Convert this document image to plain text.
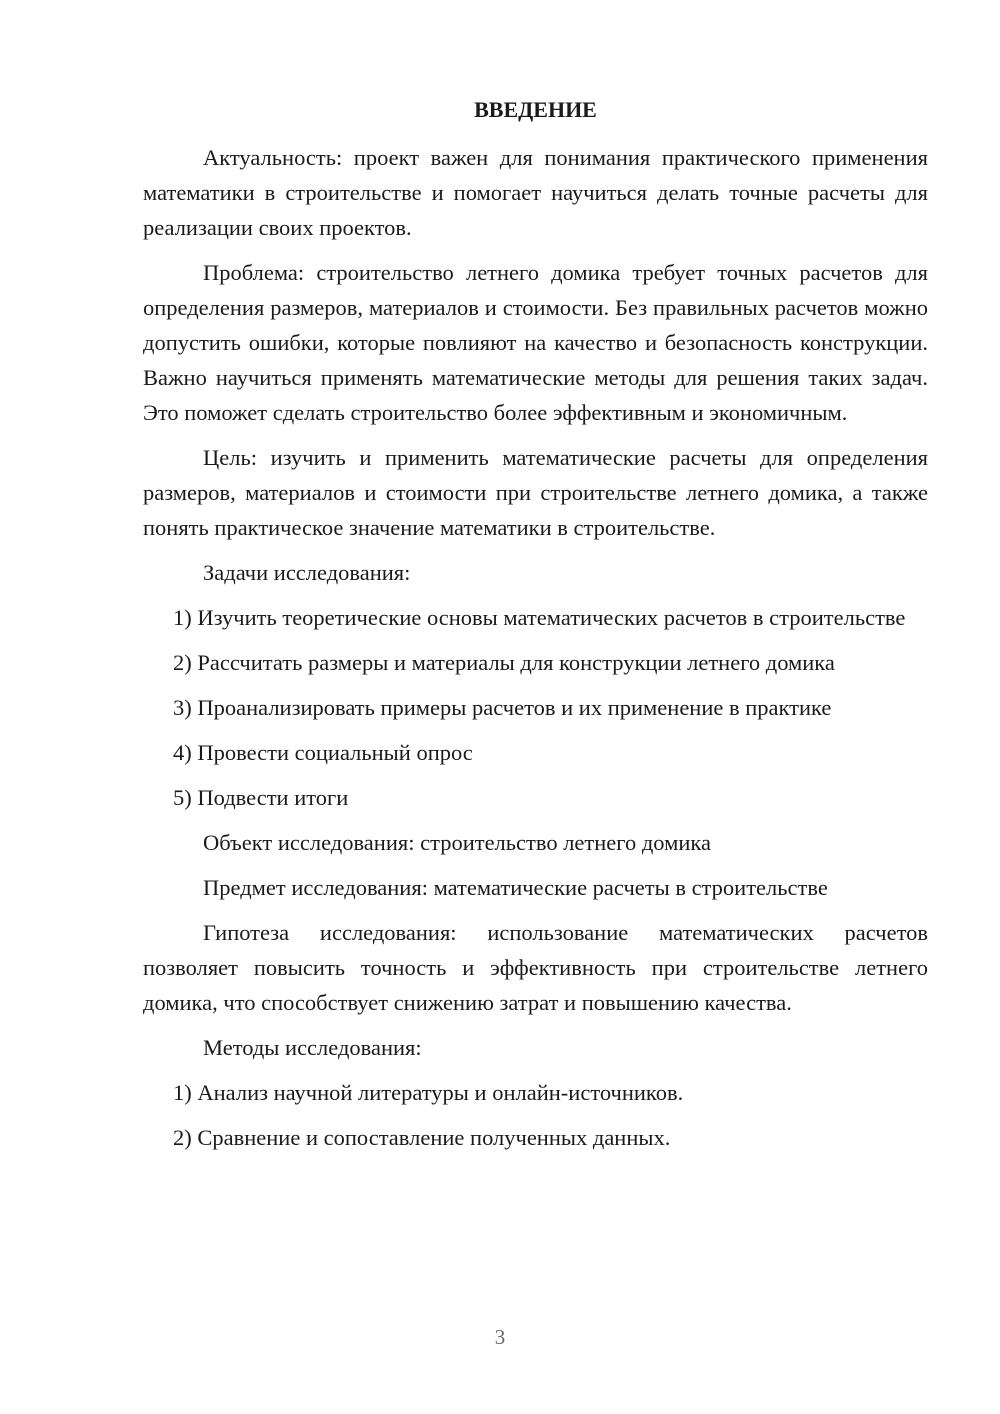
ВВЕДЕНИЕ

Актуальность: проект важен для понимания практического применения математики в строительстве и помогает научиться делать точные расчеты для реализации своих проектов.

Проблема: строительство летнего домика требует точных расчетов для определения размеров, материалов и стоимости. Без правильных расчетов можно допустить ошибки, которые повлияют на качество и безопасность конструкции. Важно научиться применять математические методы для решения таких задач. Это поможет сделать строительство более эффективным и экономичным.

Цель: изучить и применить математические расчеты для определения размеров, материалов и стоимости при строительстве летнего домика, а также понять практическое значение математики в строительстве.

Задачи исследования:
1) Изучить теоретические основы математических расчетов в строительстве
2) Рассчитать размеры и материалы для конструкции летнего домика
3) Проанализировать примеры расчетов и их применение в практике
4) Провести социальный опрос
5) Подвести итоги
Объект исследования: строительство летнего домика
Предмет исследования: математические расчеты в строительстве

Гипотеза исследования: использование математических расчетов позволяет повысить точность и эффективность при строительстве летнего домика, что способствует снижению затрат и повышению качества.

Методы исследования:
1) Анализ научной литературы и онлайн-источников.
2) Сравнение и сопоставление полученных данных.
3
